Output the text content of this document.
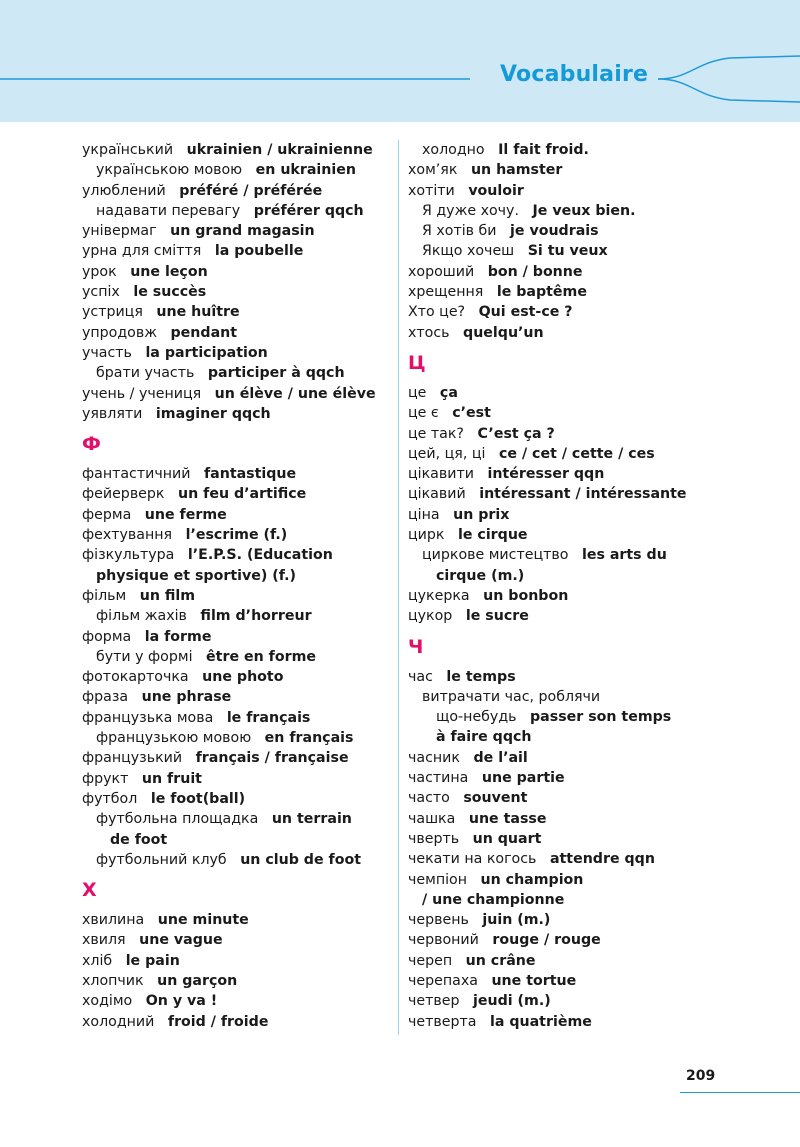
Vocabulaire
український ukrainien / ukrainienne
українською мовою en ukrainien
улюблений préféré / préférée
надавати перевагу préférer qqch
універмаг un grand magasin
урна для сміття la poubelle
урок une leçon
успіх le succès
устриця une huître
упродовж pendant
участь la participation
брати участь participer à qqch
учень / учениця un élève / une élève
уявляти imaginer qqch
Ф
фантастичний fantastique
фейерверк un feu d’artifice
ферма une ferme
фехтування l’escrime (f.)
фізкультура l’E.P.S. (Education
physique et sportive) (f.)
фільм un film
фільм жахів film d’horreur
форма la forme
бути у формі être en forme
фотокарточка une photo
фраза une phrase
французька мова le français
французькою мовою en français
французький français / française
фрукт un fruit
футбол le foot(ball)
футбольна площадка un terrain
de foot
футбольний клуб un club de foot
Х
хвилина une minute
хвиля une vague
хліб le pain
хлопчик un garçon
ходімо On y va !
холодний froid / froide
холодно Il fait froid.
хом’як un hamster
хотіти vouloir
Я дуже хочу. Je veux bien.
Я хотів би je voudrais
Якщо хочеш Si tu veux
хороший bon / bonne
хрещення le baptême
Хто це? Qui est-ce ?
хтось quelqu’un
Ц
це ça
це є c’est
це так? C’est ça ?
цей, ця, ці ce / cet / cette / ces
цікавити intéresser qqn
цікавий intéressant / intéressante
ціна un prix
цирк le cirque
циркове мистецтво les arts du
cirque (m.)
цукерка un bonbon
цукор le sucre
Ч
час le temps
витрачати час, роблячи
що-небудь passer son temps
à faire qqch
часник de l’ail
частина une partie
часто souvent
чашка une tasse
чверть un quart
чекати на когось attendre qqn
чемпіон un champion
/ une championne
червень juin (m.)
червоний rouge / rouge
череп un crâne
черепаха une tortue
четвер jeudi (m.)
четверта la quatrième
209
